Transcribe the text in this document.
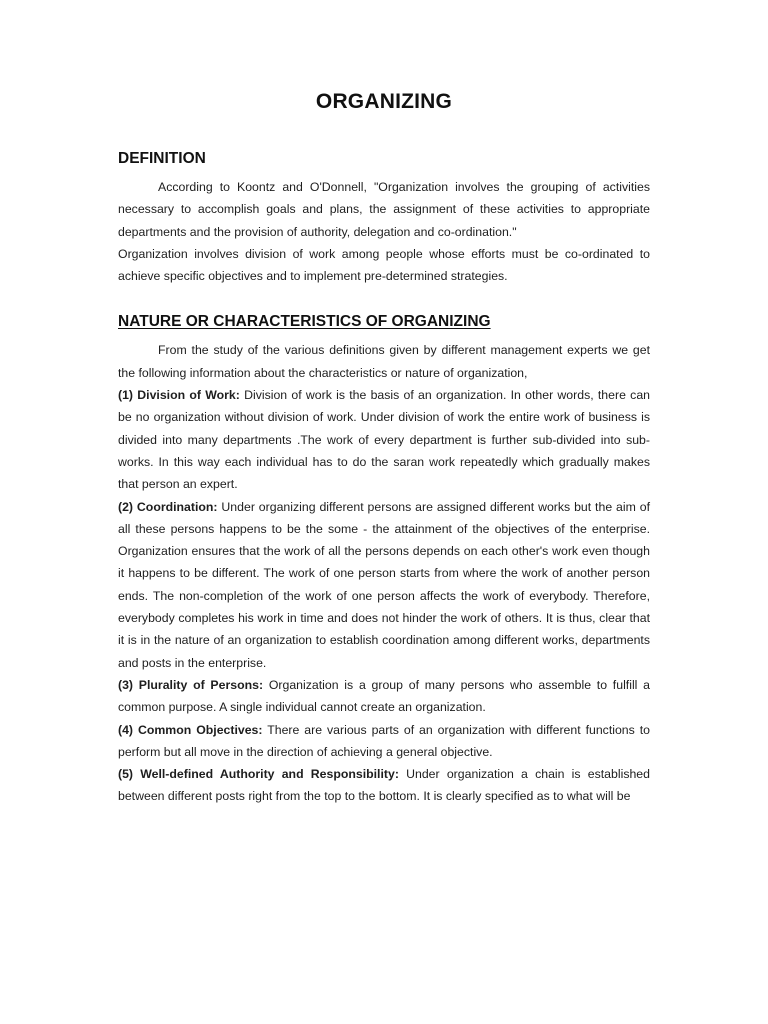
ORGANIZING
DEFINITION

According to Koontz and O'Donnell, "Organization involves the grouping of activities necessary to accomplish goals and plans, the assignment of these activities to appropriate departments and the provision of authority, delegation and co-ordination."

Organization involves division of work among people whose efforts must be co-ordinated to achieve specific objectives and to implement pre-determined strategies.

NATURE OR CHARACTERISTICS OF ORGANIZING

From the study of the various definitions given by different management experts we get the following information about the characteristics or nature of organization,

(1) Division of Work: Division of work is the basis of an organization. In other words, there can be no organization without division of work. Under division of work the entire work of business is divided into many departments .The work of every department is further sub-divided into sub-works. In this way each individual has to do the saran work repeatedly which gradually makes that person an expert.

(2) Coordination: Under organizing different persons are assigned different works but the aim of all these persons happens to be the some - the attainment of the objectives of the enterprise. Organization ensures that the work of all the persons depends on each other's work even though it happens to be different. The work of one person starts from where the work of another person ends. The non-completion of the work of one person affects the work of everybody. Therefore, everybody completes his work in time and does not hinder the work of others. It is thus, clear that it is in the nature of an organization to establish coordination among different works, departments and posts in the enterprise.

(3) Plurality of Persons: Organization is a group of many persons who assemble to fulfill a common purpose. A single individual cannot create an organization.

(4) Common Objectives: There are various parts of an organization with different functions to perform but all move in the direction of achieving a general objective.

(5) Well-defined Authority and Responsibility: Under organization a chain is established between different posts right from the top to the bottom. It is clearly specified as to what will be
